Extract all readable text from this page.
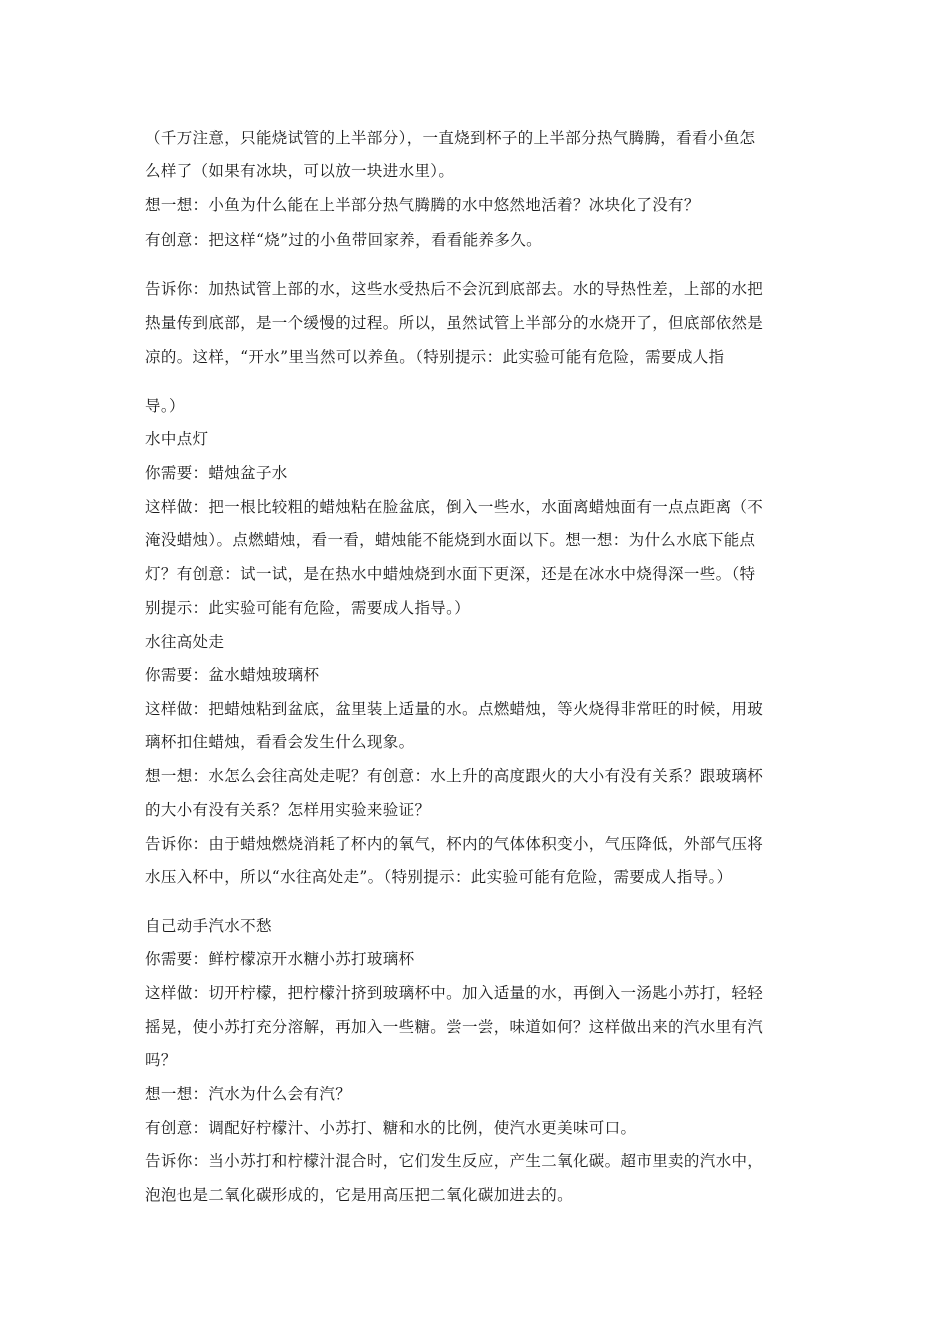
（千万注意，只能烧试管的上半部分），一直烧到杯子的上半部分热气腾腾，看看小鱼怎
么样了（如果有冰块，可以放一块进水里）。
想一想：小鱼为什么能在上半部分热气腾腾的水中悠然地活着？冰块化了没有？
有创意：把这样“烧”过的小鱼带回家养，看看能养多久。
告诉你：加热试管上部的水，这些水受热后不会沉到底部去。水的导热性差，上部的水把
热量传到底部，是一个缓慢的过程。所以，虽然试管上半部分的水烧开了，但底部依然是
凉的。这样，“开水”里当然可以养鱼。（特别提示：此实验可能有危险，需要成人指
导。）
水中点灯
你需要：蜡烛盆子水
这样做：把一根比较粗的蜡烛粘在脸盆底，倒入一些水，水面离蜡烛面有一点点距离（不
淹没蜡烛）。点燃蜡烛，看一看，蜡烛能不能烧到水面以下。想一想：为什么水底下能点
灯？有创意：试一试，是在热水中蜡烛烧到水面下更深，还是在冰水中烧得深一些。（特
别提示：此实验可能有危险，需要成人指导。）
水往高处走
你需要：盆水蜡烛玻璃杯
这样做：把蜡烛粘到盆底，盆里装上适量的水。点燃蜡烛，等火烧得非常旺的时候，用玻
璃杯扣住蜡烛，看看会发生什么现象。
想一想：水怎么会往高处走呢？有创意：水上升的高度跟火的大小有没有关系？跟玻璃杯
的大小有没有关系？怎样用实验来验证？
告诉你：由于蜡烛燃烧消耗了杯内的氧气，杯内的气体体积变小，气压降低，外部气压将
水压入杯中，所以“水往高处走”。（特别提示：此实验可能有危险，需要成人指导。）
自己动手汽水不愁
你需要：鲜柠檬凉开水糖小苏打玻璃杯
这样做：切开柠檬，把柠檬汁挤到玻璃杯中。加入适量的水，再倒入一汤匙小苏打，轻轻
摇晃，使小苏打充分溶解，再加入一些糖。尝一尝，味道如何？这样做出来的汽水里有汽
吗？
想一想：汽水为什么会有汽？
有创意：调配好柠檬汁、小苏打、糖和水的比例，使汽水更美味可口。
告诉你：当小苏打和柠檬汁混合时，它们发生反应，产生二氧化碳。超市里卖的汽水中，
泡泡也是二氧化碳形成的，它是用高压把二氧化碳加进去的。
